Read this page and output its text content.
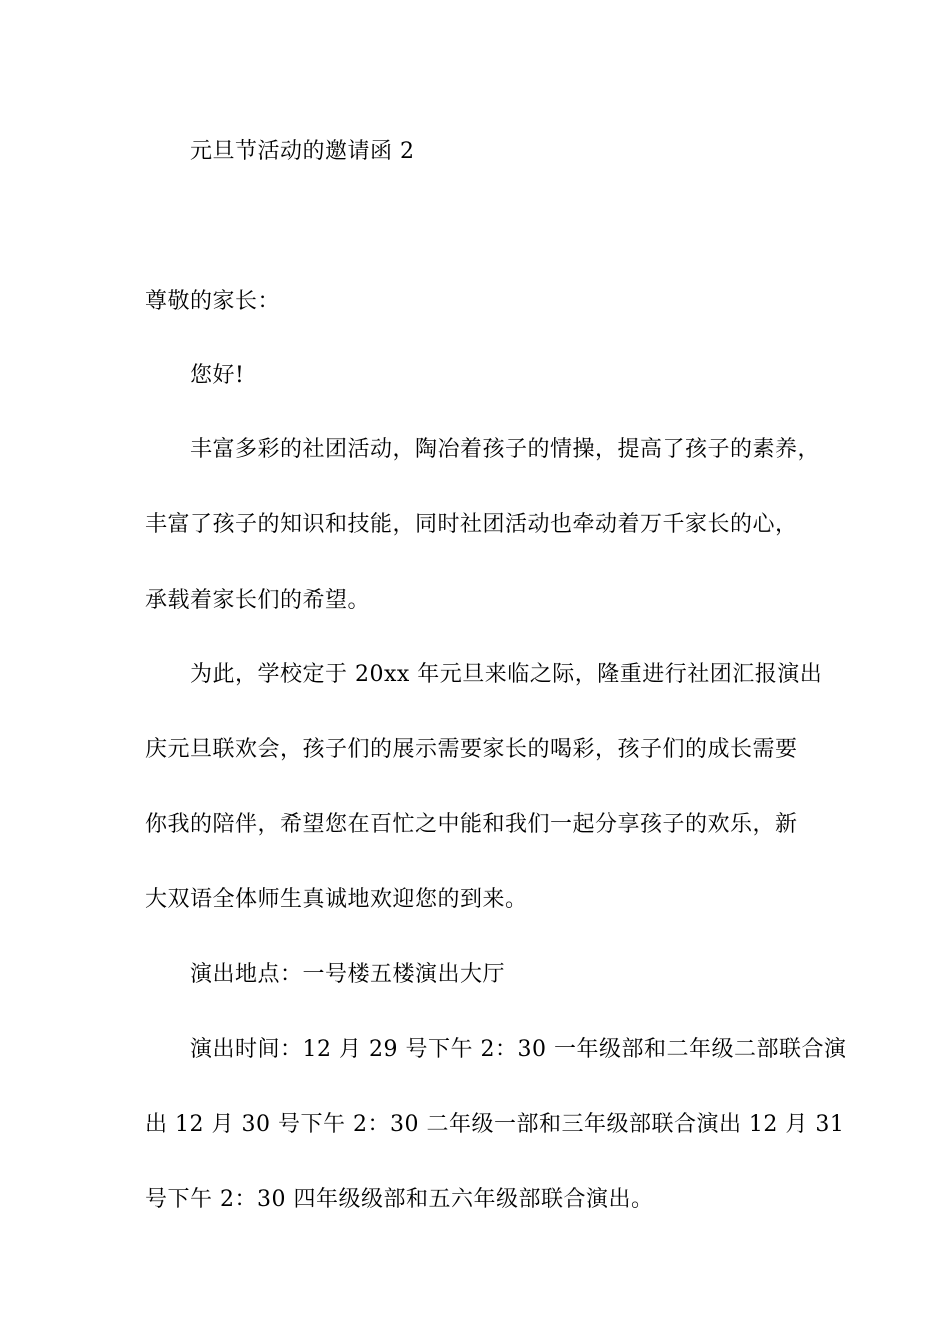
元旦节活动的邀请函 2
尊敬的家长：
您好!
丰富多彩的社团活动，陶冶着孩子的情操，提高了孩子的素养，
丰富了孩子的知识和技能，同时社团活动也牵动着万千家长的心，
承载着家长们的希望。
为此，学校定于 20xx 年元旦来临之际，隆重进行社团汇报演出
庆元旦联欢会，孩子们的展示需要家长的喝彩，孩子们的成长需要
你我的陪伴，希望您在百忙之中能和我们一起分享孩子的欢乐，新
大双语全体师生真诚地欢迎您的到来。
演出地点：一号楼五楼演出大厅
演出时间：12 月 29 号下午 2：30 一年级部和二年级二部联合演
出 12 月 30 号下午 2：30 二年级一部和三年级部联合演出 12 月 31
号下午 2：30 四年级级部和五六年级部联合演出。
